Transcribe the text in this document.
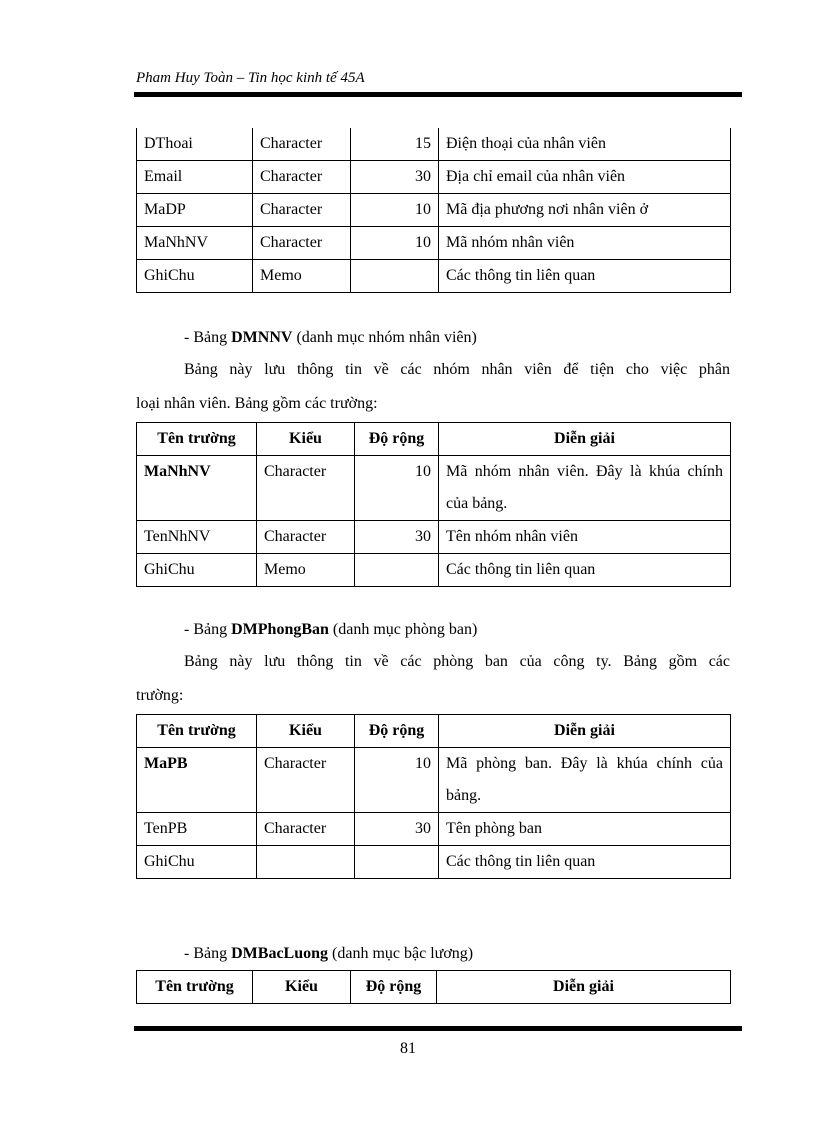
Pham Huy Toàn – Tin học kinh tế 45A
DThoai	Character	15	Điện thoại của nhân viên
Email	Character	30	Địa chỉ email của nhân viên
MaDP	Character	10	Mã địa phương nơi nhân viên ở
MaNhNV	Character	10	Mã nhóm nhân viên
GhiChu	Memo		Các thông tin liên quan
- Bảng DMNNV (danh mục nhóm nhân viên)
Bảng này lưu thông tin về các nhóm nhân viên để tiện cho việc phân
loại nhân viên. Bảng gồm các trường:
Tên trường	Kiểu	Độ rộng	Diễn giải
MaNhNV	Character	10	Mã nhóm nhân viên. Đây là khúa chính của bảng.
TenNhNV	Character	30	Tên nhóm nhân viên
GhiChu	Memo		Các thông tin liên quan
- Bảng DMPhongBan (danh mục phòng ban)
Bảng này lưu thông tin về các phòng ban của công ty. Bảng gồm các
trường:
Tên trường	Kiểu	Độ rộng	Diễn giải
MaPB	Character	10	Mã phòng ban. Đây là khúa chính của bảng.
TenPB	Character	30	Tên phòng ban
GhiChu			Các thông tin liên quan
- Bảng DMBacLuong (danh mục bậc lương)
Tên trường	Kiểu	Độ rộng	Diễn giải
81
